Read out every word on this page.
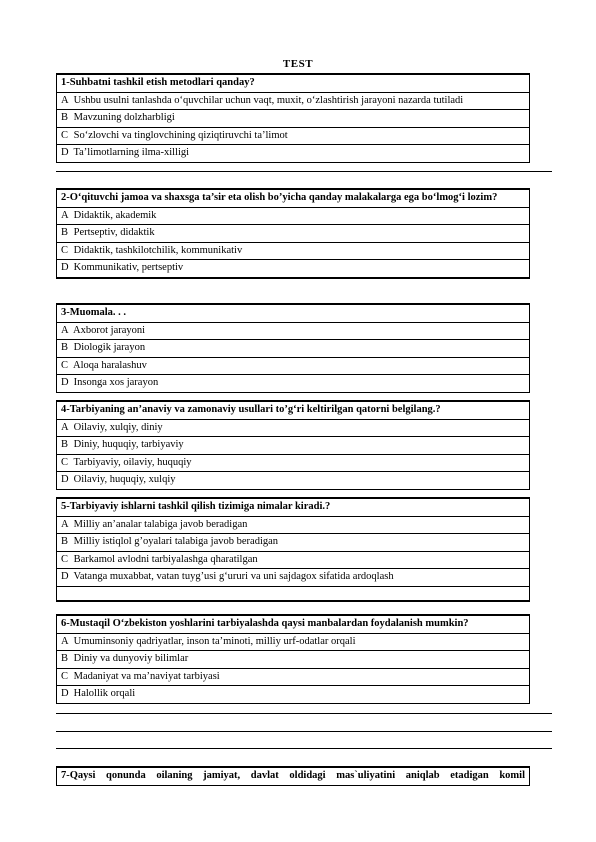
TEST
1-Suhbatni tashkil etish metodlari qanday?
A Ushbu usulni tanlashda o‘quvchilar uchun vaqt, muxit, o‘zlashtirish jarayoni nazarda tutiladi
B Mavzuning dolzharbligi
C So‘zlovchi va tinglovchining qiziqtiruvchi ta’limot
D Ta’limotlarning ilma-xilligi
2-O‘qituvchi jamoa va shaxsga ta’sir eta olish bo’yicha qanday malakalarga ega bo‘lmog‘i lozim?
A Didaktik, akademik
B Pertseptiv, didaktik
C Didaktik, tashkilotchilik, kommunikativ
D Kommunikativ, pertseptiv
3-Muomala. . .
A Axborot jarayoni
B Diologik jarayon
C Aloqa haralashuv
D Insonga xos jarayon
4-Tarbiyaning an’anaviy va zamonaviy usullari to’g‘ri keltirilgan qatorni belgilang.?
A Oilaviy, xulqiy, diniy
B Diniy, huquqiy, tarbiyaviy
C Tarbiyaviy, oilaviy, huquqiy
D Oilaviy, huquqiy, xulqiy
5-Tarbiyaviy ishlarni tashkil qilish tizimiga nimalar kiradi.?
A Milliy an’analar talabiga javob beradigan
B Milliy istiqlol g’oyalari talabiga javob beradigan
C Barkamol avlodni tarbiyalashga qharatilgan
D Vatanga muxabbat, vatan tuyg’usi g‘ururi va uni sajdagox sifatida ardoqlash

6-Mustaqil O‘zbekiston yoshlarini tarbiyalashda qaysi manbalardan foydalanish mumkin?
A Umuminsoniy qadriyatlar, inson ta’minoti, milliy urf-odatlar orqali
B Diniy va dunyoviy bilimlar
C Madaniyat va ma’naviyat tarbiyasi
D Halollik orqali
7-Qaysi qonunda oilaning jamiyat, davlat oldidagi mas`uliyatini aniqlab etadigan komil
